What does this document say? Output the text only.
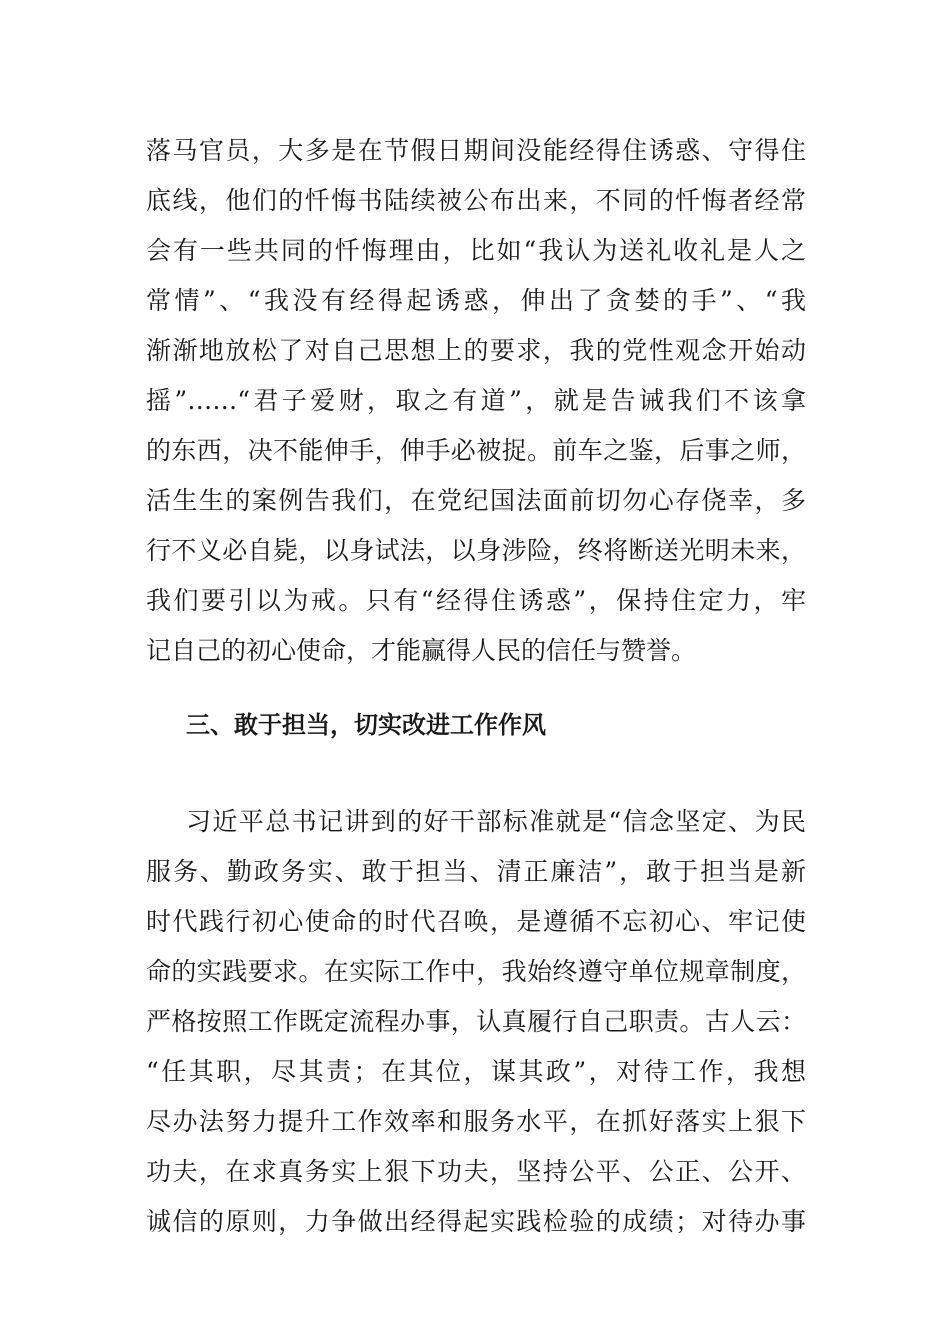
落马官员，大多是在节假日期间没能经得住诱惑、守得住
底线，他们的忏悔书陆续被公布出来，不同的忏悔者经常
会有一些共同的忏悔理由，比如“我认为送礼收礼是人之
常情”、“我没有经得起诱惑，伸出了贪婪的手”、“我
渐渐地放松了对自己思想上的要求，我的党性观念开始动
摇”……“君子爱财，取之有道”，就是告诫我们不该拿
的东西，决不能伸手，伸手必被捉。前车之鉴，后事之师，
活生生的案例告我们，在党纪国法面前切勿心存侥幸，多
行不义必自毙，以身试法，以身涉险，终将断送光明未来，
我们要引以为戒。只有“经得住诱惑”，保持住定力，牢
记自己的初心使命，才能赢得人民的信任与赞誉。
三、敢于担当，切实改进工作作风
习近平总书记讲到的好干部标准就是“信念坚定、为民
服务、勤政务实、敢于担当、清正廉洁”，敢于担当是新
时代践行初心使命的时代召唤，是遵循不忘初心、牢记使
命的实践要求。在实际工作中，我始终遵守单位规章制度，
严格按照工作既定流程办事，认真履行自己职责。古人云：
“任其职，尽其责；在其位，谋其政”，对待工作，我想
尽办法努力提升工作效率和服务水平，在抓好落实上狠下
功夫，在求真务实上狠下功夫，坚持公平、公正、公开、
诚信的原则，力争做出经得起实践检验的成绩；对待办事
